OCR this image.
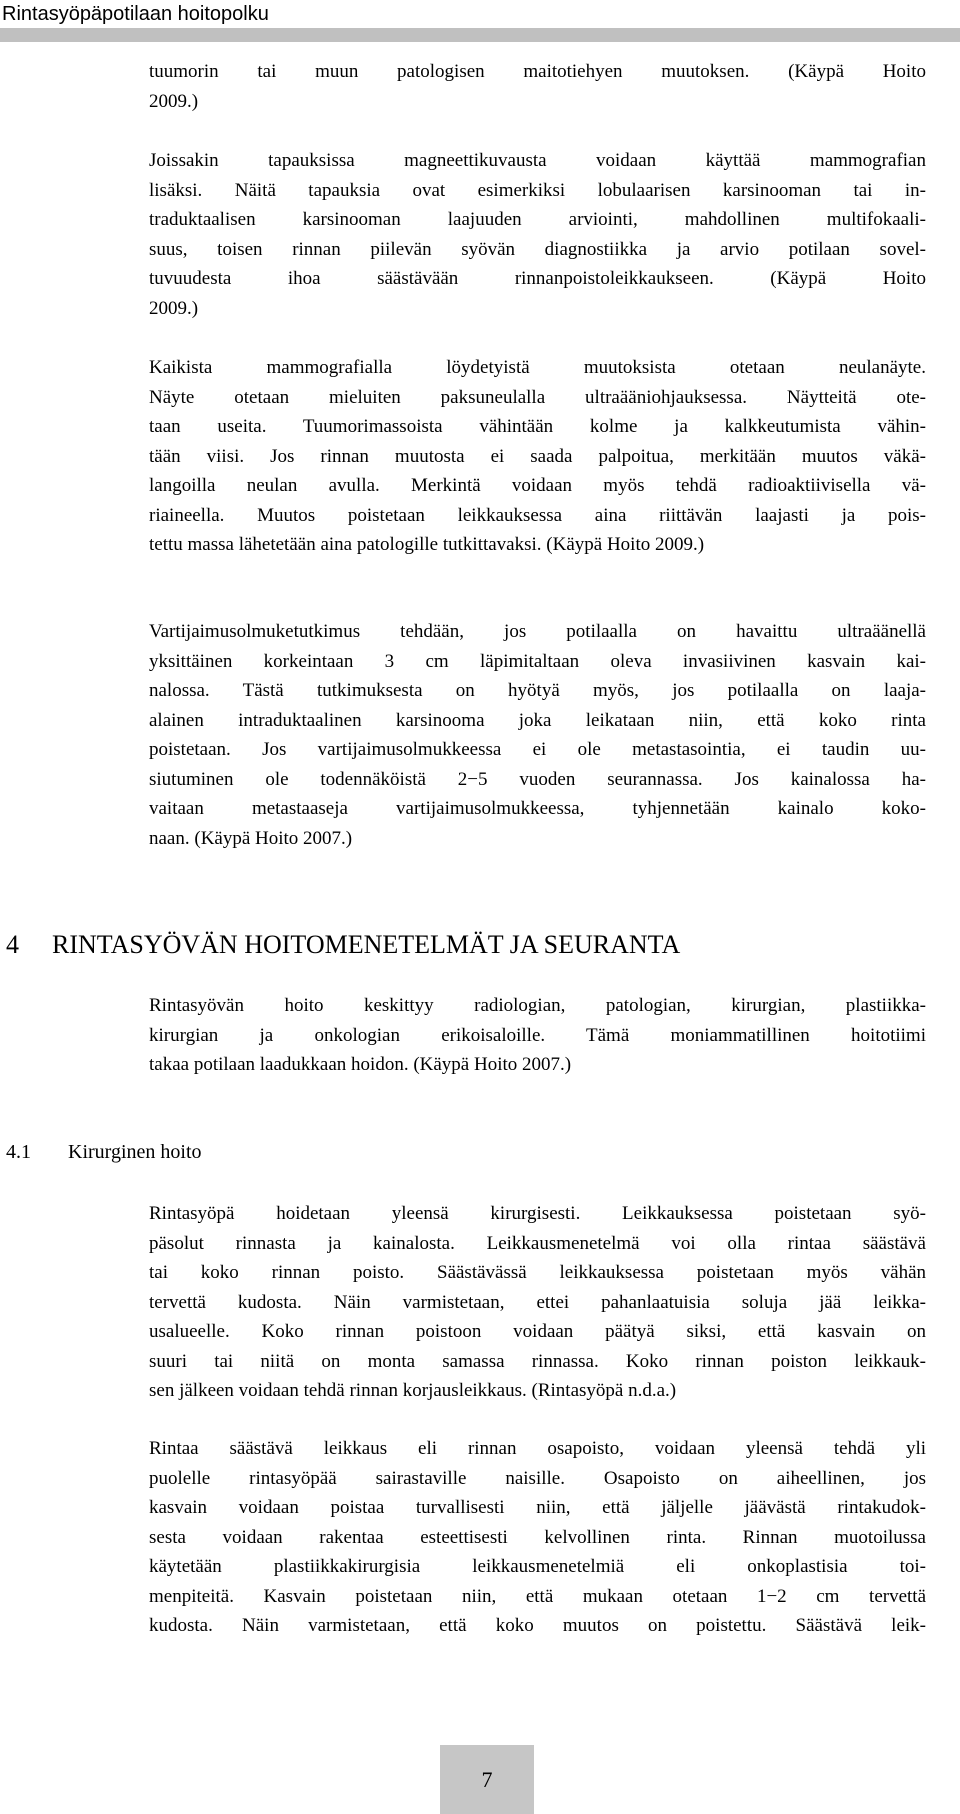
Rintasyöpäpotilaan hoitopolku
tuumorin tai muun patologisen maitotiehyen muutoksen. (Käypä Hoito
2009.)
Joissakin tapauksissa magneettikuvausta voidaan käyttää mammografian
lisäksi. Näitä tapauksia ovat esimerkiksi lobulaarisen karsinooman tai in-
traduktaalisen karsinooman laajuuden arviointi, mahdollinen multifokaali-
suus, toisen rinnan piilevän syövän diagnostiikka ja arvio potilaan sovel-
tuvuudesta ihoa säästävään rinnanpoistoleikkaukseen. (Käypä Hoito
2009.)
Kaikista mammografialla löydetyistä muutoksista otetaan neulanäyte.
Näyte otetaan mieluiten paksuneulalla ultraääniohjauksessa. Näytteitä ote-
taan useita. Tuumorimassoista vähintään kolme ja kalkkeutumista vähin-
tään viisi. Jos rinnan muutosta ei saada palpoitua, merkitään muutos väkä-
langoilla neulan avulla. Merkintä voidaan myös tehdä radioaktiivisella vä-
riaineella. Muutos poistetaan leikkauksessa aina riittävän laajasti ja pois-
tettu massa lähetetään aina patologille tutkittavaksi. (Käypä Hoito 2009.)
Vartijaimusolmuketutkimus tehdään, jos potilaalla on havaittu ultraäänellä
yksittäinen korkeintaan 3 cm läpimitaltaan oleva invasiivinen kasvain kai-
nalossa. Tästä tutkimuksesta on hyötyä myös, jos potilaalla on laaja-
alainen intraduktaalinen karsinooma joka leikataan niin, että koko rinta
poistetaan. Jos vartijaimusolmukkeessa ei ole metastasointia, ei taudin uu-
siutuminen ole todennäköistä 2−5 vuoden seurannassa. Jos kainalossa ha-
vaitaan metastaaseja vartijaimusolmukkeessa, tyhjennetään kainalo koko-
naan. (Käypä Hoito 2007.)
4 RINTASYÖVÄN HOITOMENETELMÄT JA SEURANTA
Rintasyövän hoito keskittyy radiologian, patologian, kirurgian, plastiikka-
kirurgian ja onkologian erikoisaloille. Tämä moniammatillinen hoitotiimi
takaa potilaan laadukkaan hoidon. (Käypä Hoito 2007.)
4.1 Kirurginen hoito
Rintasyöpä hoidetaan yleensä kirurgisesti. Leikkauksessa poistetaan syö-
päsolut rinnasta ja kainalosta. Leikkausmenetelmä voi olla rintaa säästävä
tai koko rinnan poisto. Säästävässä leikkauksessa poistetaan myös vähän
tervettä kudosta. Näin varmistetaan, ettei pahanlaatuisia soluja jää leikka-
usalueelle. Koko rinnan poistoon voidaan päätyä siksi, että kasvain on
suuri tai niitä on monta samassa rinnassa. Koko rinnan poiston leikkauk-
sen jälkeen voidaan tehdä rinnan korjausleikkaus. (Rintasyöpä n.d.a.)
Rintaa säästävä leikkaus eli rinnan osapoisto, voidaan yleensä tehdä yli
puolelle rintasyöpää sairastaville naisille. Osapoisto on aiheellinen, jos
kasvain voidaan poistaa turvallisesti niin, että jäljelle jäävästä rintakudok-
sesta voidaan rakentaa esteettisesti kelvollinen rinta. Rinnan muotoilussa
käytetään plastiikkakirurgisia leikkausmenetelmiä eli onkoplastisia toi-
menpiteitä. Kasvain poistetaan niin, että mukaan otetaan 1−2 cm tervettä
kudosta. Näin varmistetaan, että koko muutos on poistettu. Säästävä leik-
7
